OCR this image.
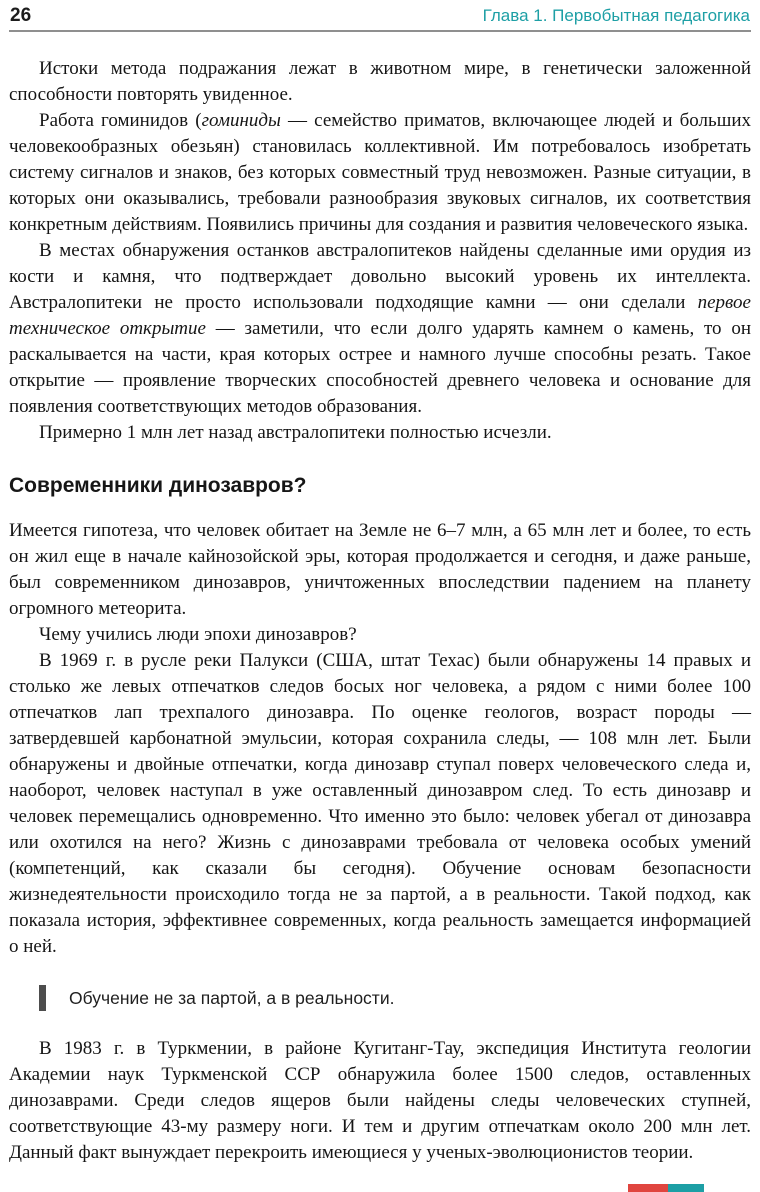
26	Глава 1. Первобытная педагогика

Истоки метода подражания лежат в животном мире, в генетически заложенной способности повторять увиденное.

Работа гоминидов (гоминиды — семейство приматов, включающее людей и больших человекообразных обезьян) становилась коллективной. Им потребовалось изобретать систему сигналов и знаков, без которых совместный труд невозможен. Разные ситуации, в которых они оказывались, требовали разнообразия звуковых сигналов, их соответствия конкретным действиям. Появились причины для создания и развития человеческого языка.

В местах обнаружения останков австралопитеков найдены сделанные ими орудия из кости и камня, что подтверждает довольно высокий уровень их интеллекта. Австралопитеки не просто использовали подходящие камни — они сделали первое техническое открытие — заметили, что если долго ударять камнем о камень, то он раскалывается на части, края которых острее и намного лучше способны резать. Такое открытие — проявление творческих способностей древнего человека и основание для появления соответствующих методов образования.

Примерно 1 млн лет назад австралопитеки полностью исчезли.

Современники динозавров?

Имеется гипотеза, что человек обитает на Земле не 6–7 млн, а 65 млн лет и более, то есть он жил еще в начале кайнозойской эры, которая продолжается и сегодня, и даже раньше, был современником динозавров, уничтоженных впоследствии падением на планету огромного метеорита.

Чему учились люди эпохи динозавров?

В 1969 г. в русле реки Палукси (США, штат Техас) были обнаружены 14 правых и столько же левых отпечатков следов босых ног человека, а рядом с ними более 100 отпечатков лап трехпалого динозавра. По оценке геологов, возраст породы — затвердевшей карбонатной эмульсии, которая сохранила следы, — 108 млн лет. Были обнаружены и двойные отпечатки, когда динозавр ступал поверх человеческого следа и, наоборот, человек наступал в уже оставленный динозавром след. То есть динозавр и человек перемещались одновременно. Что именно это было: человек убегал от динозавра или охотился на него? Жизнь с динозаврами требовала от человека особых умений (компетенций, как сказали бы сегодня). Обучение основам безопасности жизнедеятельности происходило тогда не за партой, а в реальности. Такой подход, как показала история, эффективнее современных, когда реальность замещается информацией о ней.

Обучение не за партой, а в реальности.

В 1983 г. в Туркмении, в районе Кугитанг-Тау, экспедиция Института геологии Академии наук Туркменской ССР обнаружила более 1500 следов, оставленных динозаврами. Среди следов ящеров были найдены следы человеческих ступней, соответствующие 43-му размеру ноги. И тем и другим отпечаткам около 200 млн лет. Данный факт вынуждает перекроить имеющиеся у ученых-эволюционистов теории.
